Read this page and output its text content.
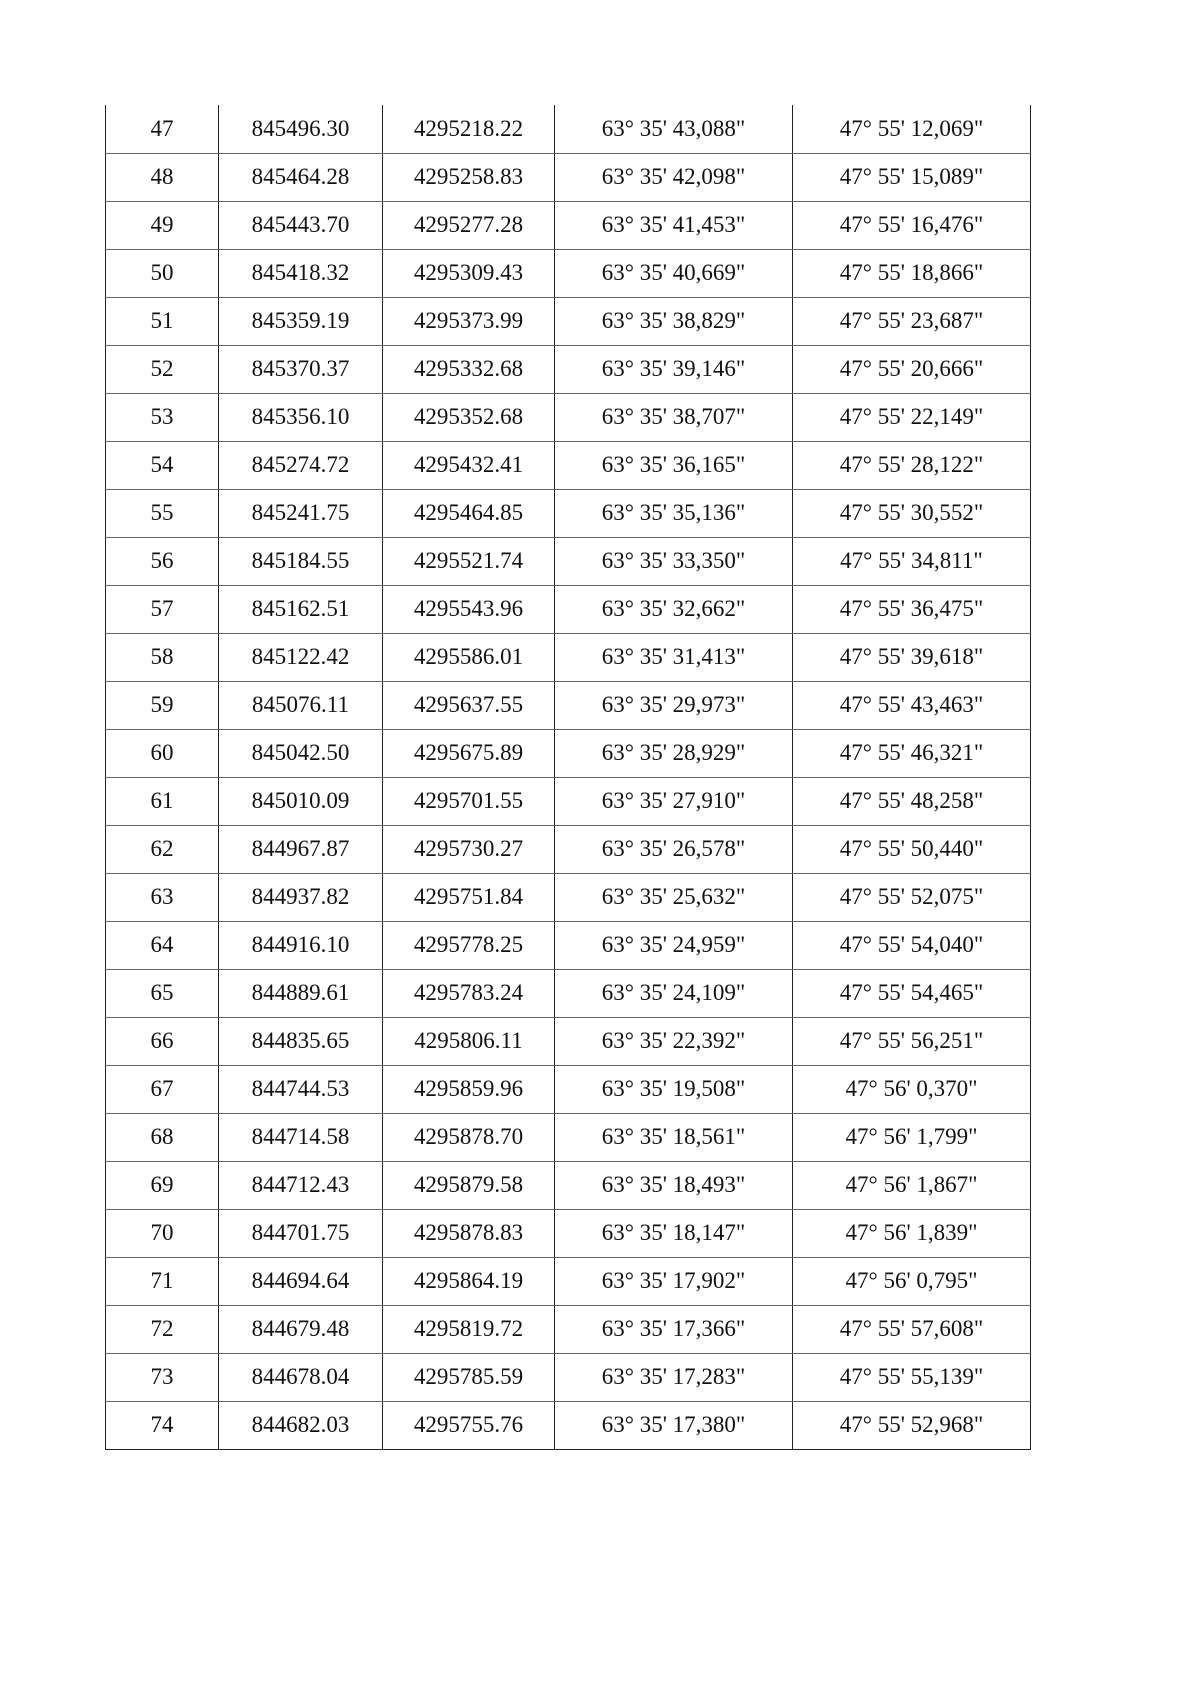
47	845496.30	4295218.22	63° 35' 43,088"	47° 55' 12,069"
48	845464.28	4295258.83	63° 35' 42,098"	47° 55' 15,089"
49	845443.70	4295277.28	63° 35' 41,453"	47° 55' 16,476"
50	845418.32	4295309.43	63° 35' 40,669"	47° 55' 18,866"
51	845359.19	4295373.99	63° 35' 38,829"	47° 55' 23,687"
52	845370.37	4295332.68	63° 35' 39,146"	47° 55' 20,666"
53	845356.10	4295352.68	63° 35' 38,707"	47° 55' 22,149"
54	845274.72	4295432.41	63° 35' 36,165"	47° 55' 28,122"
55	845241.75	4295464.85	63° 35' 35,136"	47° 55' 30,552"
56	845184.55	4295521.74	63° 35' 33,350"	47° 55' 34,811"
57	845162.51	4295543.96	63° 35' 32,662"	47° 55' 36,475"
58	845122.42	4295586.01	63° 35' 31,413"	47° 55' 39,618"
59	845076.11	4295637.55	63° 35' 29,973"	47° 55' 43,463"
60	845042.50	4295675.89	63° 35' 28,929"	47° 55' 46,321"
61	845010.09	4295701.55	63° 35' 27,910"	47° 55' 48,258"
62	844967.87	4295730.27	63° 35' 26,578"	47° 55' 50,440"
63	844937.82	4295751.84	63° 35' 25,632"	47° 55' 52,075"
64	844916.10	4295778.25	63° 35' 24,959"	47° 55' 54,040"
65	844889.61	4295783.24	63° 35' 24,109"	47° 55' 54,465"
66	844835.65	4295806.11	63° 35' 22,392"	47° 55' 56,251"
67	844744.53	4295859.96	63° 35' 19,508"	47° 56' 0,370"
68	844714.58	4295878.70	63° 35' 18,561"	47° 56' 1,799"
69	844712.43	4295879.58	63° 35' 18,493"	47° 56' 1,867"
70	844701.75	4295878.83	63° 35' 18,147"	47° 56' 1,839"
71	844694.64	4295864.19	63° 35' 17,902"	47° 56' 0,795"
72	844679.48	4295819.72	63° 35' 17,366"	47° 55' 57,608"
73	844678.04	4295785.59	63° 35' 17,283"	47° 55' 55,139"
74	844682.03	4295755.76	63° 35' 17,380"	47° 55' 52,968"
